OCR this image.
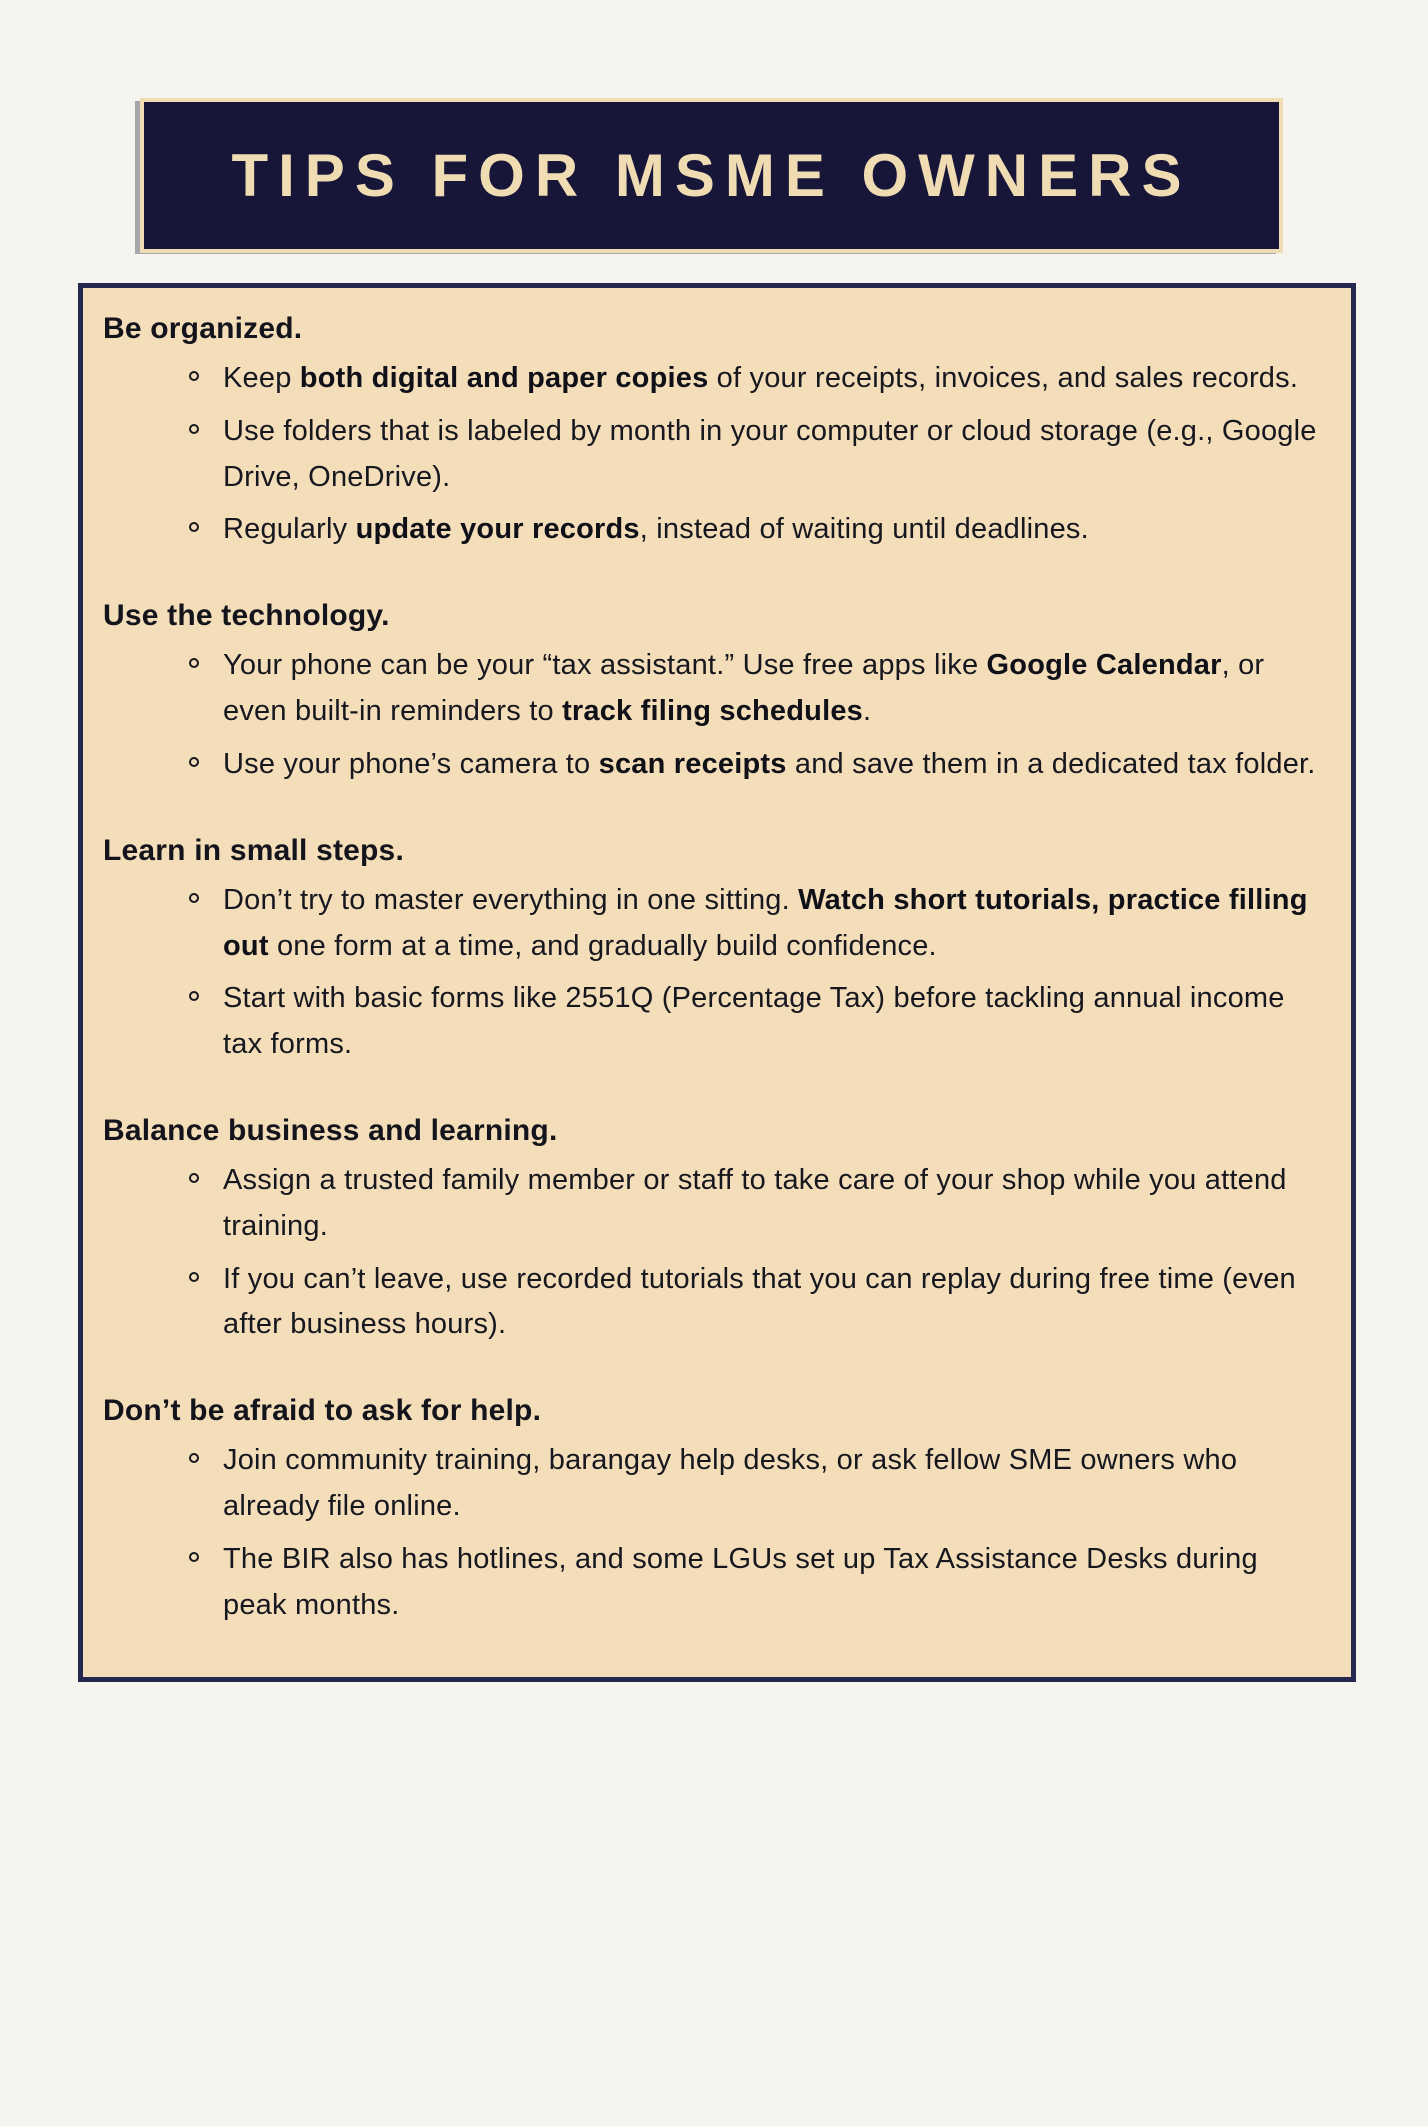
TIPS FOR MSME OWNERS
Be organized.
Keep both digital and paper copies of your receipts, invoices, and sales records.
Use folders that is labeled by month in your computer or cloud storage (e.g., Google Drive, OneDrive).
Regularly update your records, instead of waiting until deadlines.
Use the technology.
Your phone can be your “tax assistant.” Use free apps like Google Calendar, or even built-in reminders to track filing schedules.
Use your phone’s camera to scan receipts and save them in a dedicated tax folder.
Learn in small steps.
Don’t try to master everything in one sitting. Watch short tutorials, practice filling out one form at a time, and gradually build confidence.
Start with basic forms like 2551Q (Percentage Tax) before tackling annual income tax forms.
Balance business and learning.
Assign a trusted family member or staff to take care of your shop while you attend training.
If you can’t leave, use recorded tutorials that you can replay during free time (even after business hours).
Don’t be afraid to ask for help.
Join community training, barangay help desks, or ask fellow SME owners who already file online.
The BIR also has hotlines, and some LGUs set up Tax Assistance Desks during peak months.
